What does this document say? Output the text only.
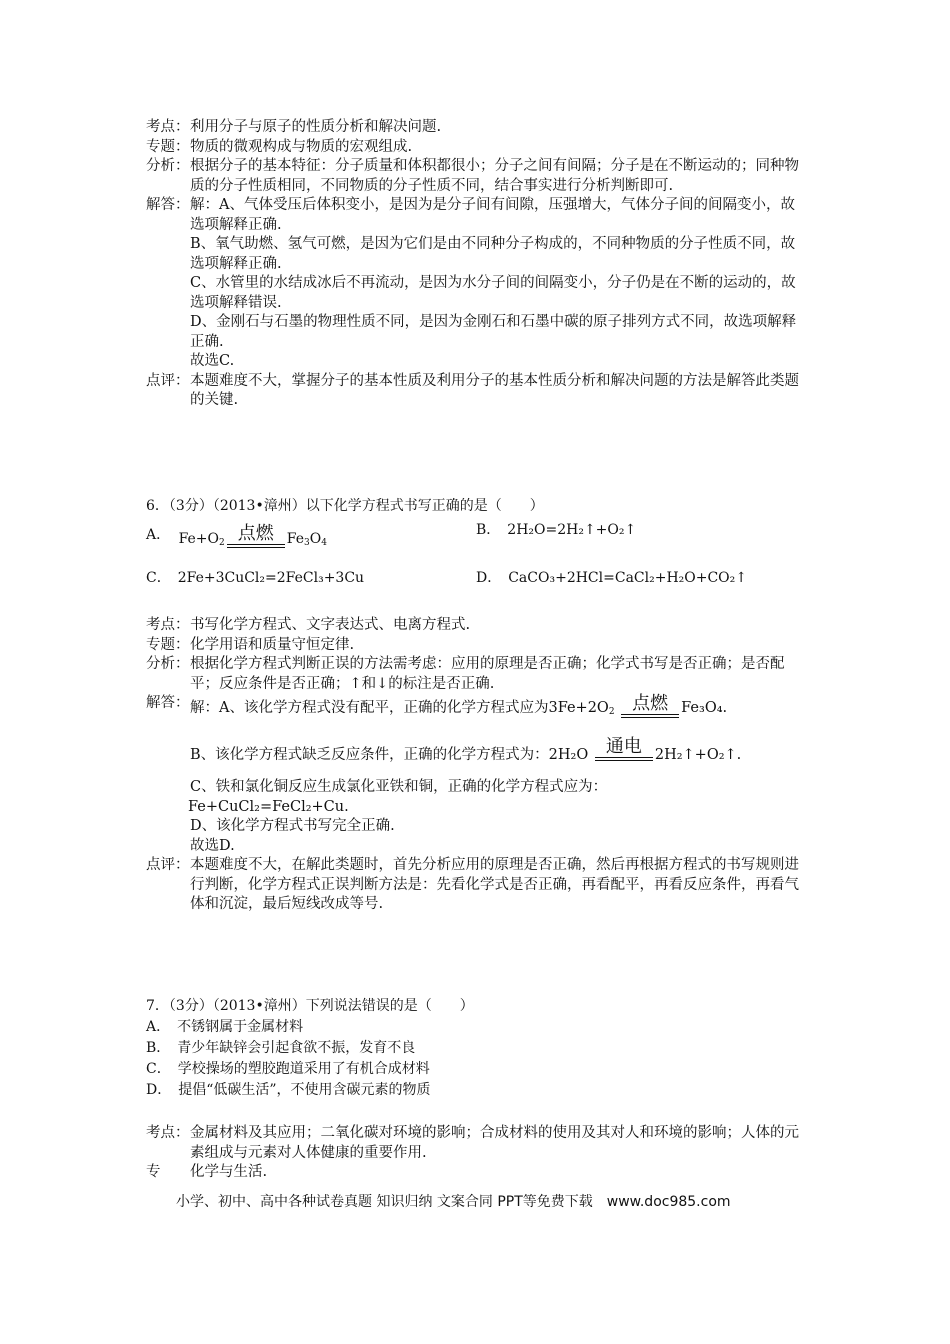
考点： 利用分子与原子的性质分析和解决问题.
专题： 物质的微观构成与物质的宏观组成.
分析： 根据分子的基本特征：分子质量和体积都很小；分子之间有间隔；分子是在不断运动的；同种物质的分子性质相同，不同物质的分子性质不同，结合事实进行分析判断即可.
解答： 解：A、气体受压后体积变小，是因为是分子间有间隙，压强增大，气体分子间的间隔变小，故选项解释正确.

B、氧气助燃、氢气可燃，是因为它们是由不同种分子构成的，不同种物质的分子性质不同，故选项解释正确.

C、水管里的水结成冰后不再流动，是因为水分子间的间隔变小，分子仍是在不断的运动的，故选项解释错误.

D、金刚石与石墨的物理性质不同，是因为金刚石和石墨中碳的原子排列方式不同，故选项解释正确.

故选C.

点评： 本题难度不大，掌握分子的基本性质及利用分子的基本性质分析和解决问题的方法是解答此类题的关键.
6．（3分）（2013•漳州）以下化学方程式书写正确的是（　　）
A． $Fe+O_2$ 点燃 $Fe_3O_4$
B．　2H₂O=2H₂↑+O₂↑
C．　2Fe+3CuCl₂=2FeCl₃+3Cu	D．　CaCO₃+2HCl=CaCl₂+H₂O+CO₂↑
考点： 书写化学方程式、文字表达式、电离方程式.
专题： 化学用语和质量守恒定律.
分析： 根据化学方程式判断正误的方法需考虑：应用的原理是否正确；化学式书写是否正确；是否配平；反应条件是否正确；↑和↓的标注是否正确.
解答： 解：A、该化学方程式没有配平，正确的化学方程式应为$3Fe+2O_2$ 点燃 Fe₃O₄.

B、该化学方程式缺乏反应条件，正确的化学方程式为：2H₂O 通电 2H₂↑+O₂↑.

C、铁和氯化铜反应生成氯化亚铁和铜，正确的化学方程式应为：

Fe+CuCl₂=FeCl₂+Cu.

D、该化学方程式书写完全正确.

故选D.

点评： 本题难度不大，在解此类题时，首先分析应用的原理是否正确，然后再根据方程式的书写规则进行判断，化学方程式正误判断方法是：先看化学式是否正确，再看配平，再看反应条件，再看气体和沉淀，最后短线改成等号.
7．（3分）（2013•漳州）下列说法错误的是（　　）
A．　不锈钢属于金属材料
B．　青少年缺锌会引起食欲不振，发育不良
C．　学校操场的塑胶跑道采用了有机合成材料
D．　提倡“低碳生活”，不使用含碳元素的物质
考点： 金属材料及其应用；二氧化碳对环境的影响；合成材料的使用及其对人和环境的影响；人体的元素组成与元素对人体健康的重要作用.
专	化学与生活.
小学、初中、高中各种试卷真题 知识归纳 文案合同 PPT等免费下载　www.doc985.com
